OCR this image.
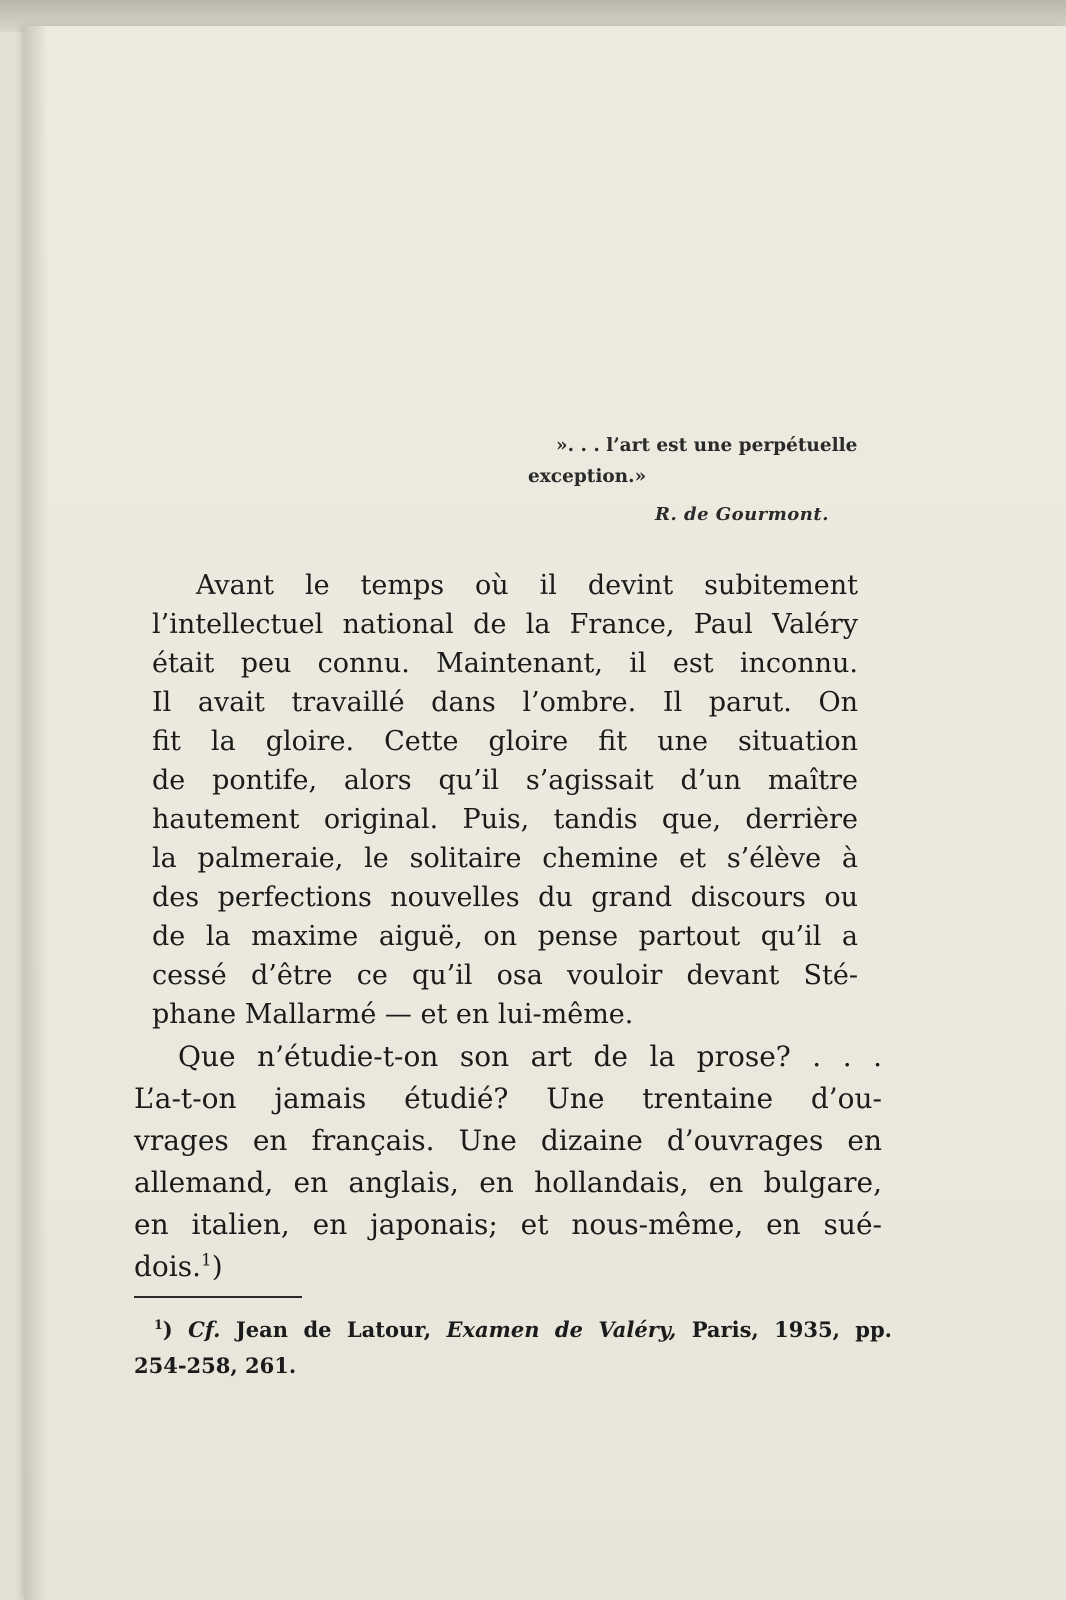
». . . l’art est une perpétuelle
exception.»
R. de Gourmont.
Avant le temps où il devint subitement
l’intellectuel national de la France, Paul Valéry
était peu connu. Maintenant, il est inconnu.
Il avait travaillé dans l’ombre. Il parut. On
fit la gloire. Cette gloire fit une situation
de pontife, alors qu’il s’agissait d’un maître
hautement original. Puis, tandis que, derrière
la palmeraie, le solitaire chemine et s’élève à
des perfections nouvelles du grand discours ou
de la maxime aiguë, on pense partout qu’il a
cessé d’être ce qu’il osa vouloir devant Sté-
phane Mallarmé — et en lui-même.
Que n’étudie-t-on son art de la prose? . . .
L’a-t-on jamais étudié? Une trentaine d’ou-
vrages en français. Une dizaine d’ouvrages en
allemand, en anglais, en hollandais, en bulgare,
en italien, en japonais; et nous-même, en sué-
dois.$^1$)
$^1$) Cf. Jean de Latour, Examen de Valéry, Paris, 1935, pp.
254-258, 261.
